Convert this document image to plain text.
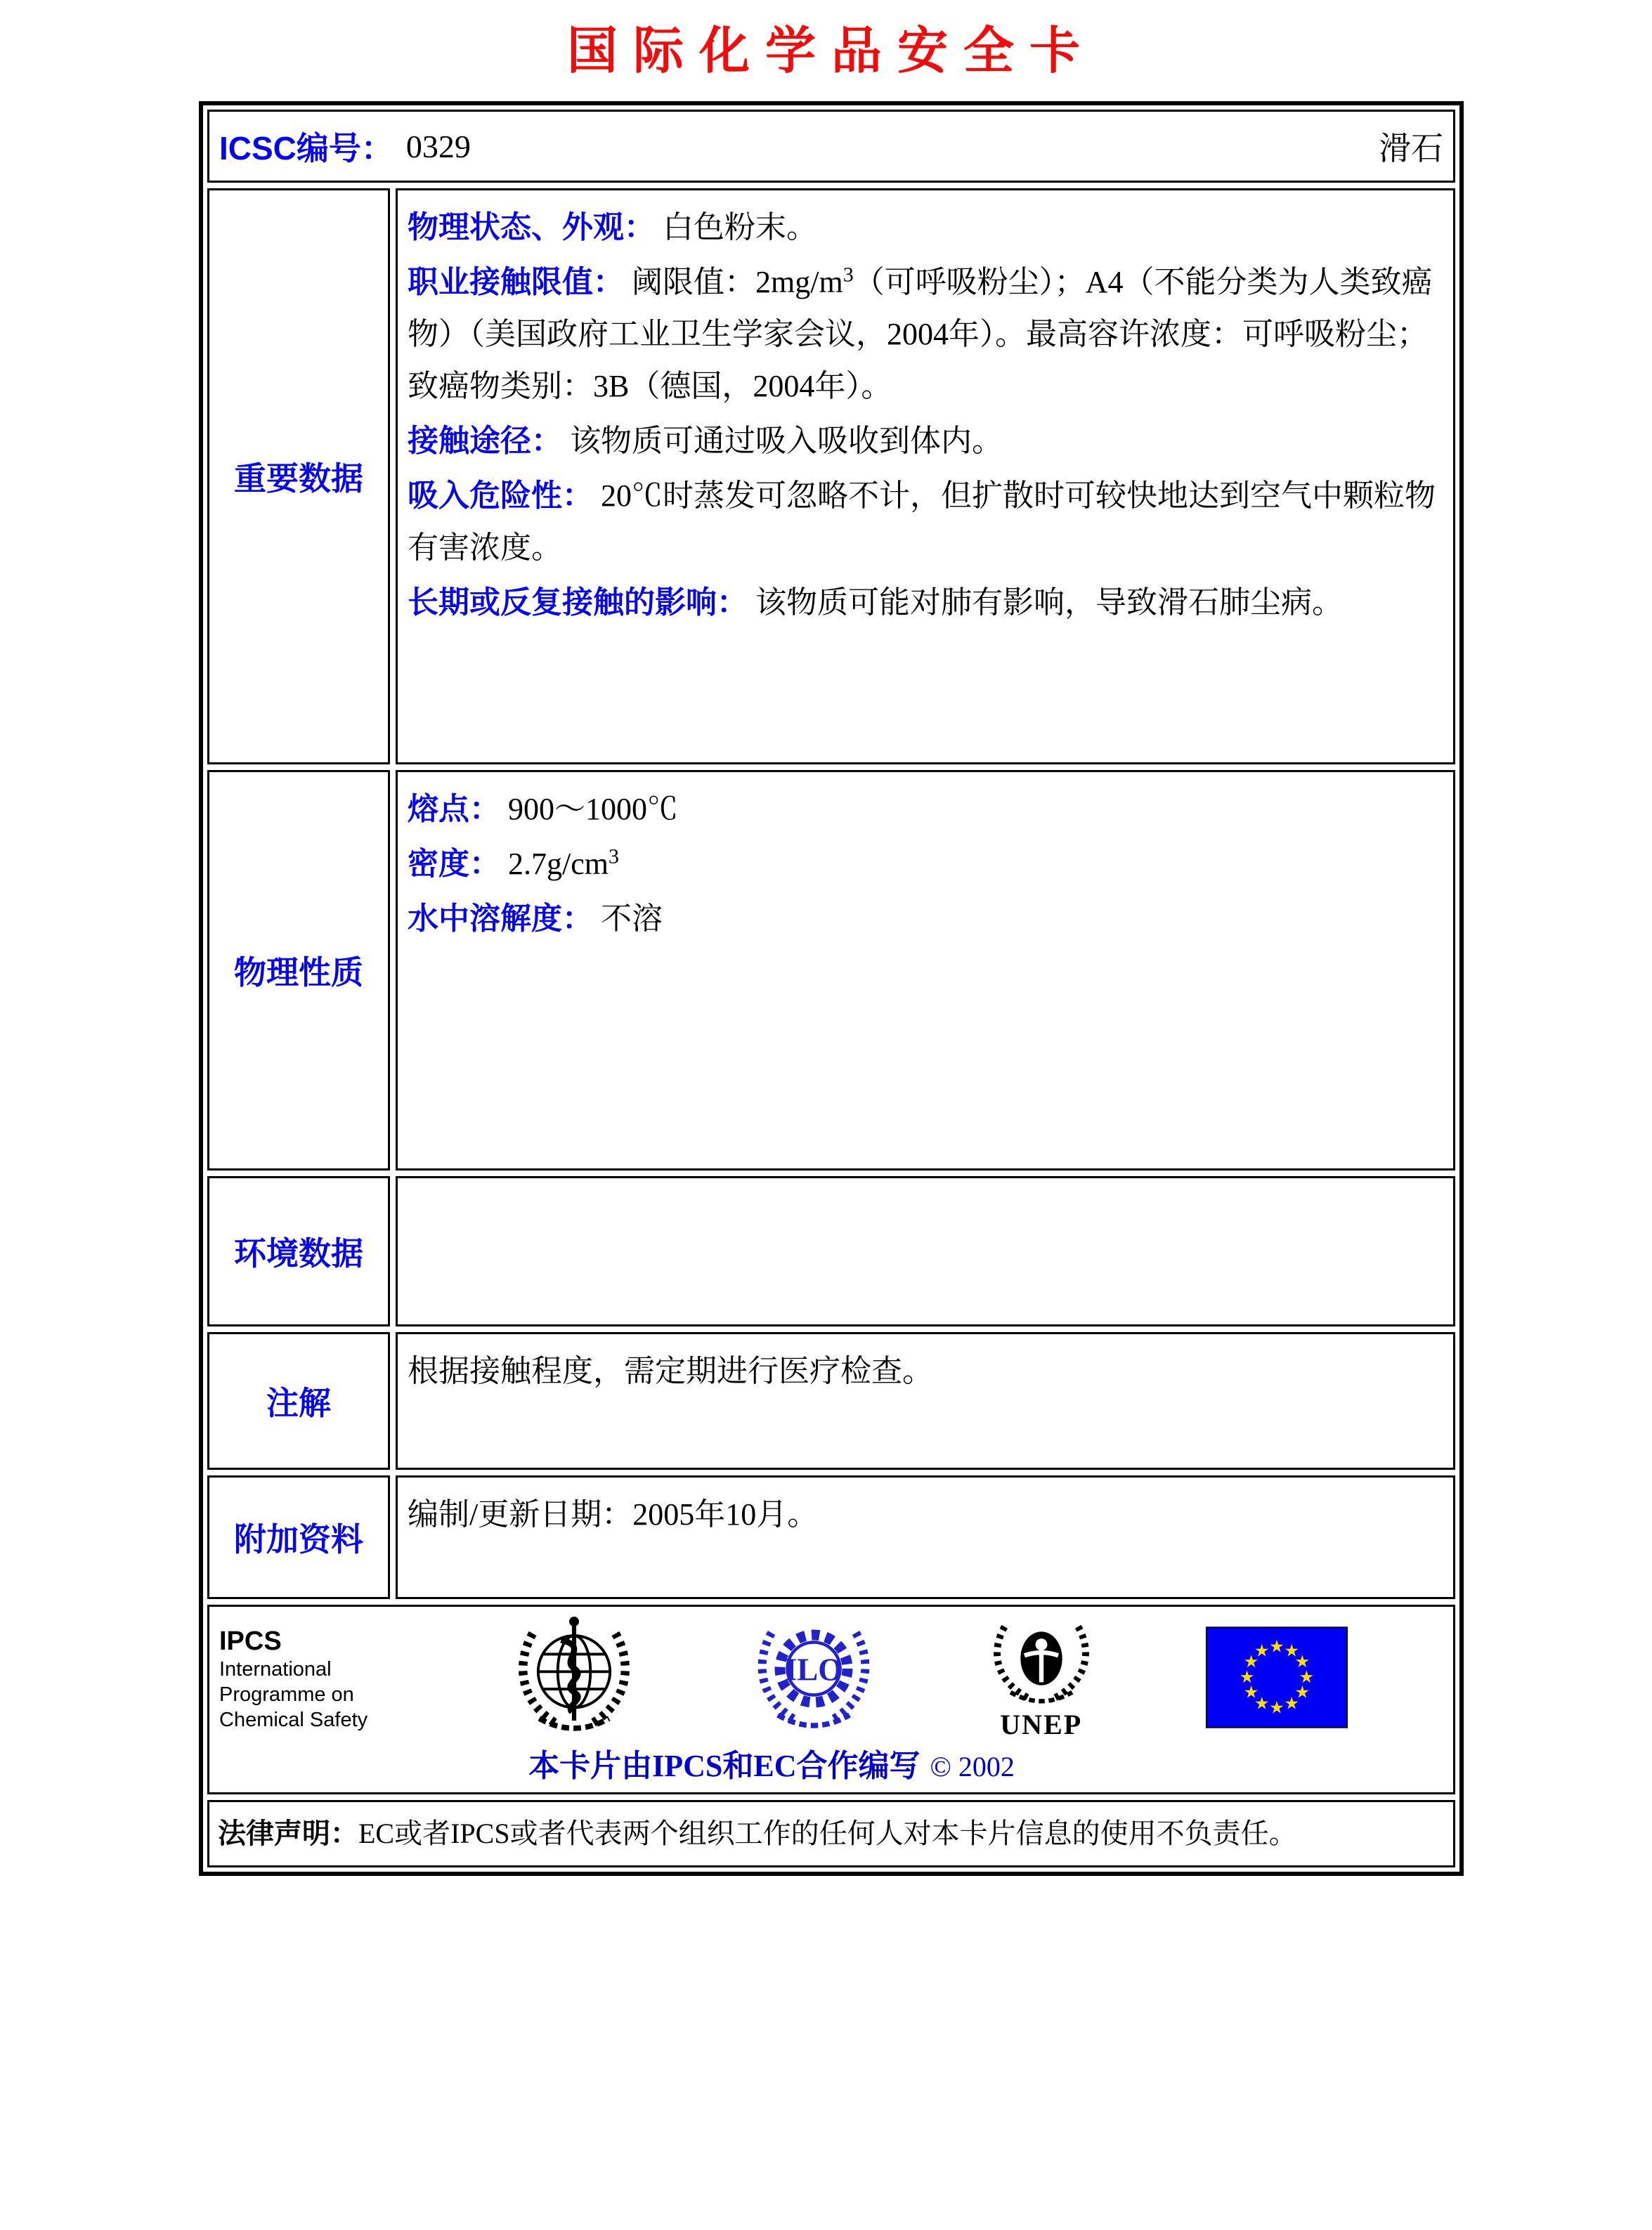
国际化学品安全卡
ICSC编号： 0329	滑石
重要数据
物理状态、外观： 白色粉末。
职业接触限值： 阈限值：$2mg/m^3$（可呼吸粉尘）；A4（不能分类为人类致癌物）（美国政府工业卫生学家会议，2004年）。最高容许浓度：可呼吸粉尘；致癌物类别：3B（德国，2004年）。
接触途径： 该物质可通过吸入吸收到体内。
吸入危险性： 20℃时蒸发可忽略不计，但扩散时可较快地达到空气中颗粒物有害浓度。
长期或反复接触的影响： 该物质可能对肺有影响，导致滑石肺尘病。
物理性质
熔点： 900～1000℃
密度： $2.7g/cm^3$
水中溶解度： 不溶
环境数据
注解
根据接触程度，需定期进行医疗检查。
附加资料
编制/更新日期：2005年10月。
IPCS
International
Programme on
Chemical Safety
ILO
UNEP
★ ★
★
★
★
★
★
★
★
★
★
★
本卡片由IPCS和EC合作编写 © 2002
法律声明： EC或者IPCS或者代表两个组织工作的任何人对本卡片信息的使用不负责任。
